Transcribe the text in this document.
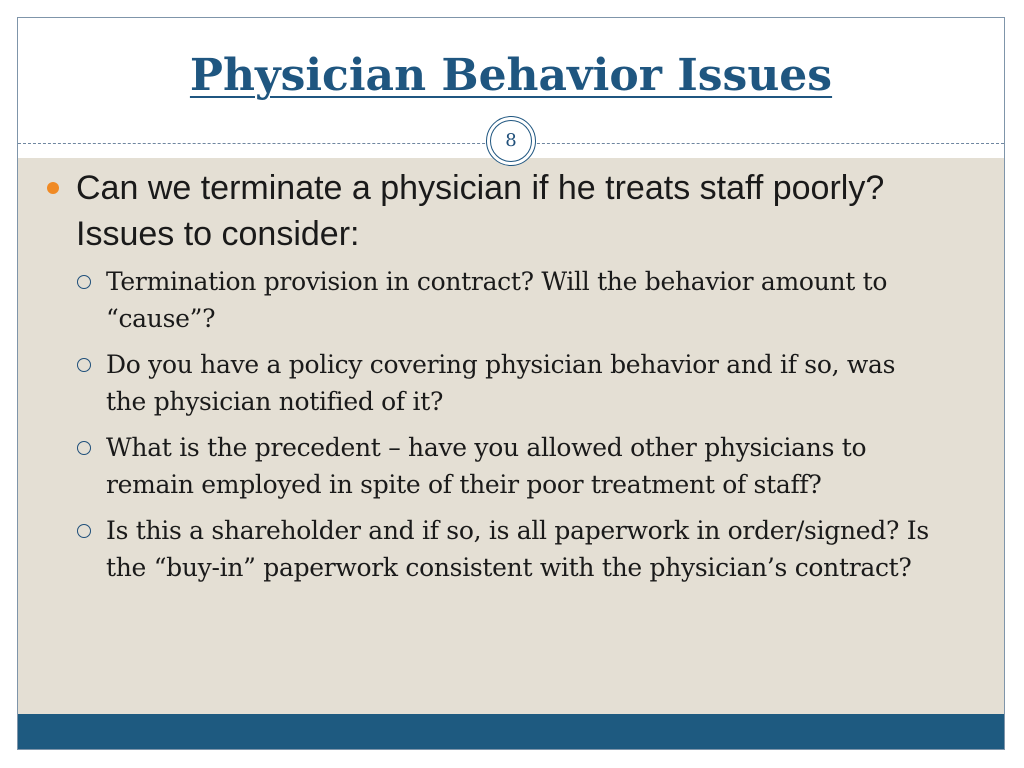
Physician Behavior Issues
8
Can we terminate a physician if he treats staff poorly? Issues to consider:
Termination provision in contract? Will the behavior amount to “cause”?
Do you have a policy covering physician behavior and if so, was the physician notified of it?
What is the precedent – have you allowed other physicians to remain employed in spite of their poor treatment of staff?
Is this a shareholder and if so, is all paperwork in order/signed? Is the “buy-in” paperwork consistent with the physician’s contract?
